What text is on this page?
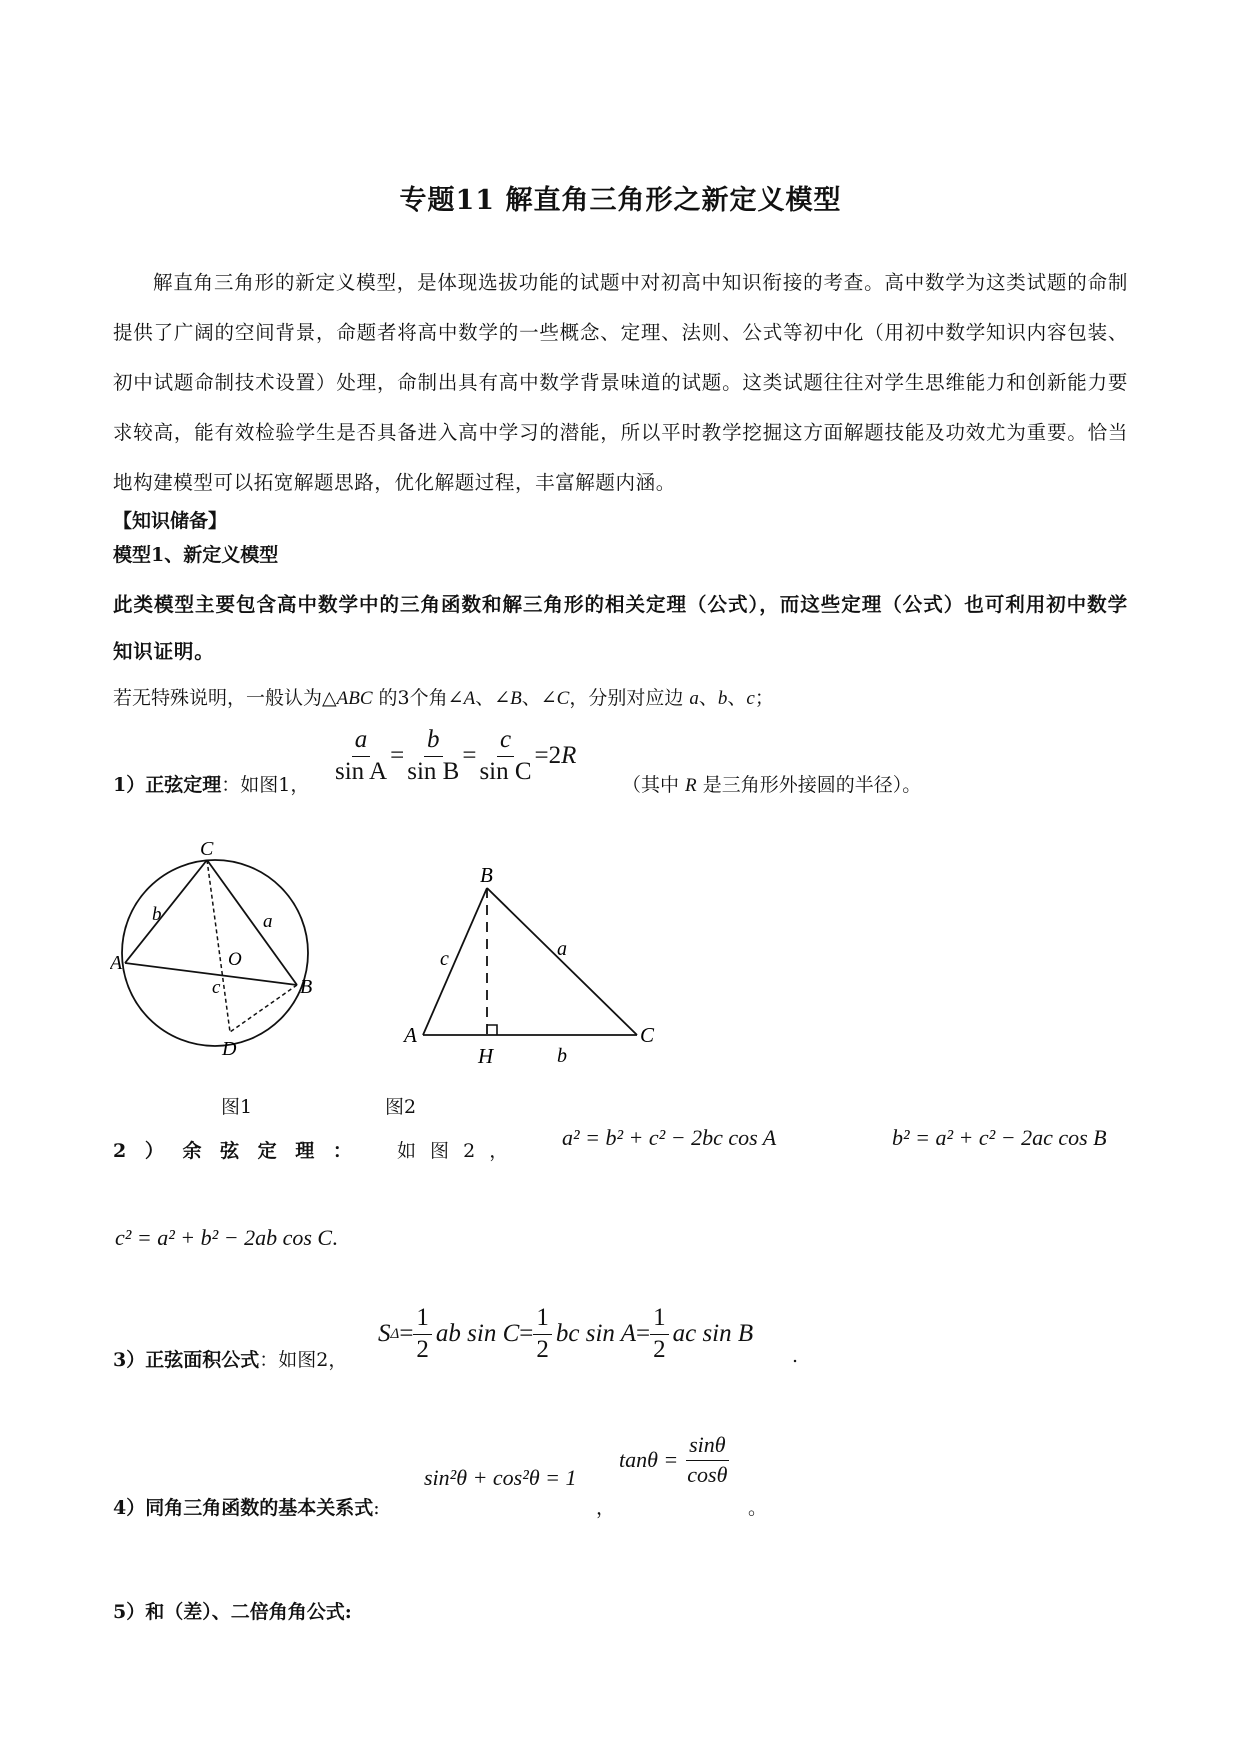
专题11 解直角三角形之新定义模型
解直角三角形的新定义模型，是体现选拔功能的试题中对初高中知识衔接的考查。高中数学为这类试题的命制提供了广阔的空间背景，命题者将高中数学的一些概念、定理、法则、公式等初中化（用初中数学知识内容包装、初中试题命制技术设置）处理，命制出具有高中数学背景味道的试题。这类试题往往对学生思维能力和创新能力要求较高，能有效检验学生是否具备进入高中学习的潜能，所以平时教学挖掘这方面解题技能及功效尤为重要。恰当地构建模型可以拓宽解题思路，优化解题过程，丰富解题内涵。
【知识储备】
模型1、新定义模型
此类模型主要包含高中数学中的三角函数和解三角形的相关定理（公式），而这些定理（公式）也可利用初中数学知识证明。
若无特殊说明，一般认为△ABC 的3个角∠A、∠B、∠C，分别对应边 a、b、c；
1）正弦定理：如图1， $\frac{a}{\text{sin A}} = \frac{b}{\text{sin B}} = \frac{c}{\text{sin C}} =2$ R
（其中 R 是三角形外接圆的半径）。
C
A
B
D
O
a
b
c
B
A	C
H
a
c
b
图1	图2
2 ） 余 弦 定 理 ： 如 图 2 ，
a² = b² + c² − 2bc cos A	b² = a² + c² − 2ac cos B
c² = a² + b² − 2ab cos C.
3）正弦面积公式：如图2，
S $\Delta = \frac{1}{2}$ ab $\sin C = \frac{1}{2}$ bc $\sin A = \frac{1}{2}$ ac sin B
.
4）同角三角函数的基本关系式:
sin²θ + cos²θ = 1
，
$\tan\theta = \frac{\sin\theta}{\cos\theta}$
。
5）和（差）、二倍角角公式:
